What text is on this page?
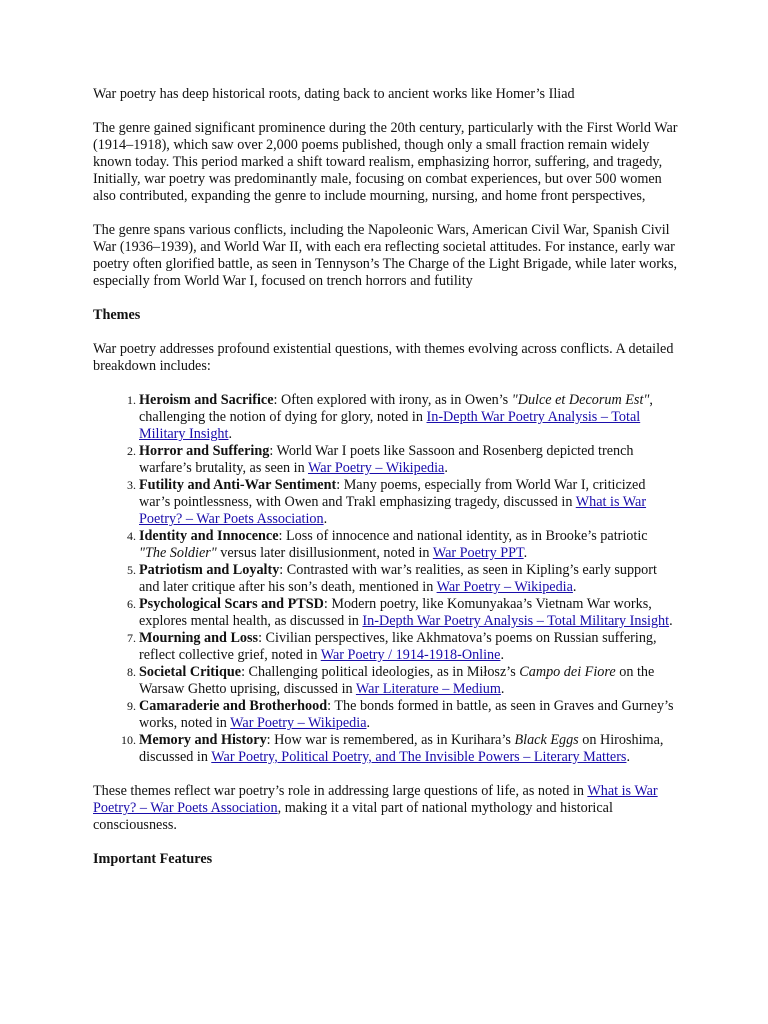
War poetry has deep historical roots, dating back to ancient works like Homer’s Iliad

The genre gained significant prominence during the 20th century, particularly with the First World War (1914–1918), which saw over 2,000 poems published, though only a small fraction remain widely known today. This period marked a shift toward realism, emphasizing horror, suffering, and tragedy, Initially, war poetry was predominantly male, focusing on combat experiences, but over 500 women also contributed, expanding the genre to include mourning, nursing, and home front perspectives,

The genre spans various conflicts, including the Napoleonic Wars, American Civil War, Spanish Civil War (1936–1939), and World War II, with each era reflecting societal attitudes. For instance, early war poetry often glorified battle, as seen in Tennyson’s The Charge of the Light Brigade, while later works, especially from World War I, focused on trench horrors and futility

Themes

War poetry addresses profound existential questions, with themes evolving across conflicts. A detailed breakdown includes:

1. Heroism and Sacrifice: Often explored with irony, as in Owen’s "Dulce et Decorum Est", challenging the notion of dying for glory, noted in In-Depth War Poetry Analysis – Total Military Insight.
2. Horror and Suffering: World War I poets like Sassoon and Rosenberg depicted trench warfare’s brutality, as seen in War Poetry – Wikipedia.
3. Futility and Anti-War Sentiment: Many poems, especially from World War I, criticized war’s pointlessness, with Owen and Trakl emphasizing tragedy, discussed in What is War Poetry? – War Poets Association.
4. Identity and Innocence: Loss of innocence and national identity, as in Brooke’s patriotic "The Soldier" versus later disillusionment, noted in War Poetry PPT.
5. Patriotism and Loyalty: Contrasted with war’s realities, as seen in Kipling’s early support and later critique after his son’s death, mentioned in War Poetry – Wikipedia.
6. Psychological Scars and PTSD: Modern poetry, like Komunyakaa’s Vietnam War works, explores mental health, as discussed in In-Depth War Poetry Analysis – Total Military Insight.
7. Mourning and Loss: Civilian perspectives, like Akhmatova’s poems on Russian suffering, reflect collective grief, noted in War Poetry / 1914-1918-Online.
8. Societal Critique: Challenging political ideologies, as in Miłosz’s Campo dei Fiore on the Warsaw Ghetto uprising, discussed in War Literature – Medium.
9. Camaraderie and Brotherhood: The bonds formed in battle, as seen in Graves and Gurney’s works, noted in War Poetry – Wikipedia.
10. Memory and History: How war is remembered, as in Kurihara’s Black Eggs on Hiroshima, discussed in War Poetry, Political Poetry, and The Invisible Powers – Literary Matters.

These themes reflect war poetry’s role in addressing large questions of life, as noted in What is War Poetry? – War Poets Association, making it a vital part of national mythology and historical consciousness.

Important Features
